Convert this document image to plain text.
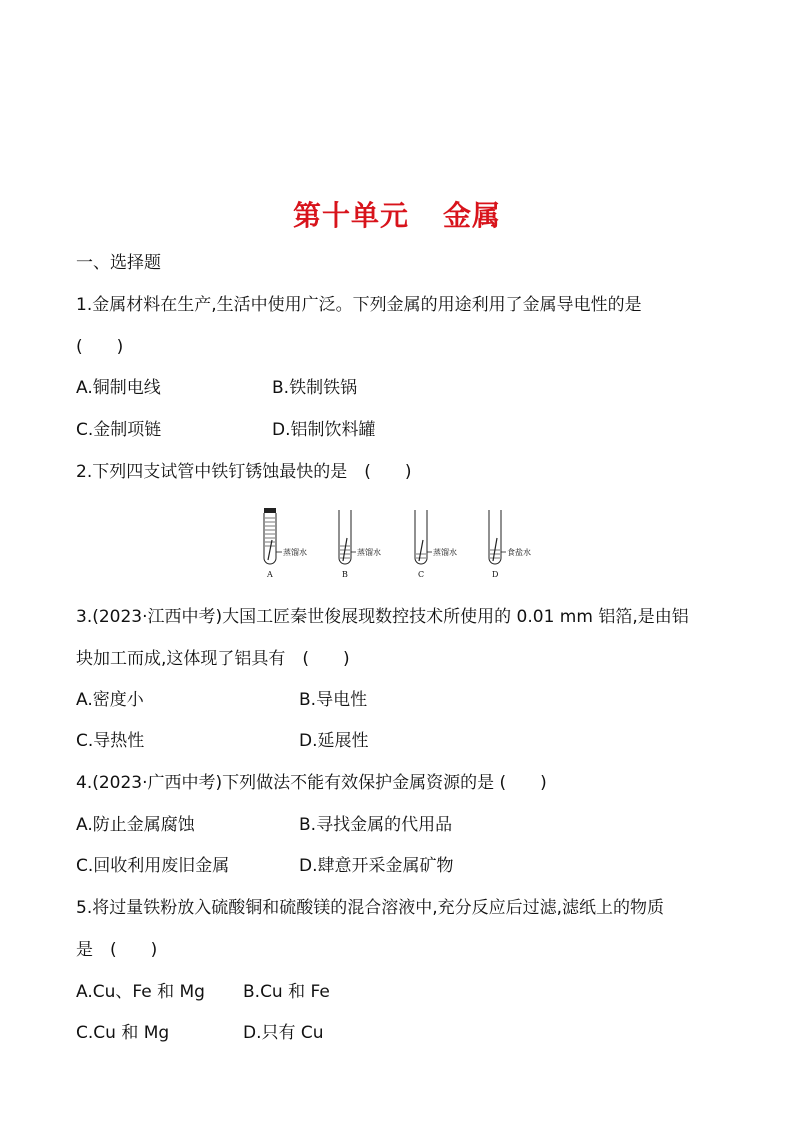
第十单元 金属
一、选择题
1.金属材料在生产,生活中使用广泛。下列金属的用途利用了金属导电性的是
(　　)
A.铜制电线	B.铁制铁锅
C.金制项链	D.铝制饮料罐
2.下列四支试管中铁钉锈蚀最快的是　(　　)
蒸馏水
A
蒸馏水
B
蒸馏水
C
食盐水
D
3.(2023·江西中考)大国工匠秦世俊展现数控技术所使用的 0.01 mm 铝箔,是由铝
块加工而成,这体现了铝具有　(　　)
A.密度小	B.导电性
C.导热性	D.延展性
4.(2023·广西中考)下列做法不能有效保护金属资源的是 (　　)
A.防止金属腐蚀	B.寻找金属的代用品
C.回收利用废旧金属	D.肆意开采金属矿物
5.将过量铁粉放入硫酸铜和硫酸镁的混合溶液中,充分反应后过滤,滤纸上的物质
是　(　　)
A.Cu、Fe 和 Mg B.Cu 和 Fe
C.Cu 和 Mg	D.只有 Cu
